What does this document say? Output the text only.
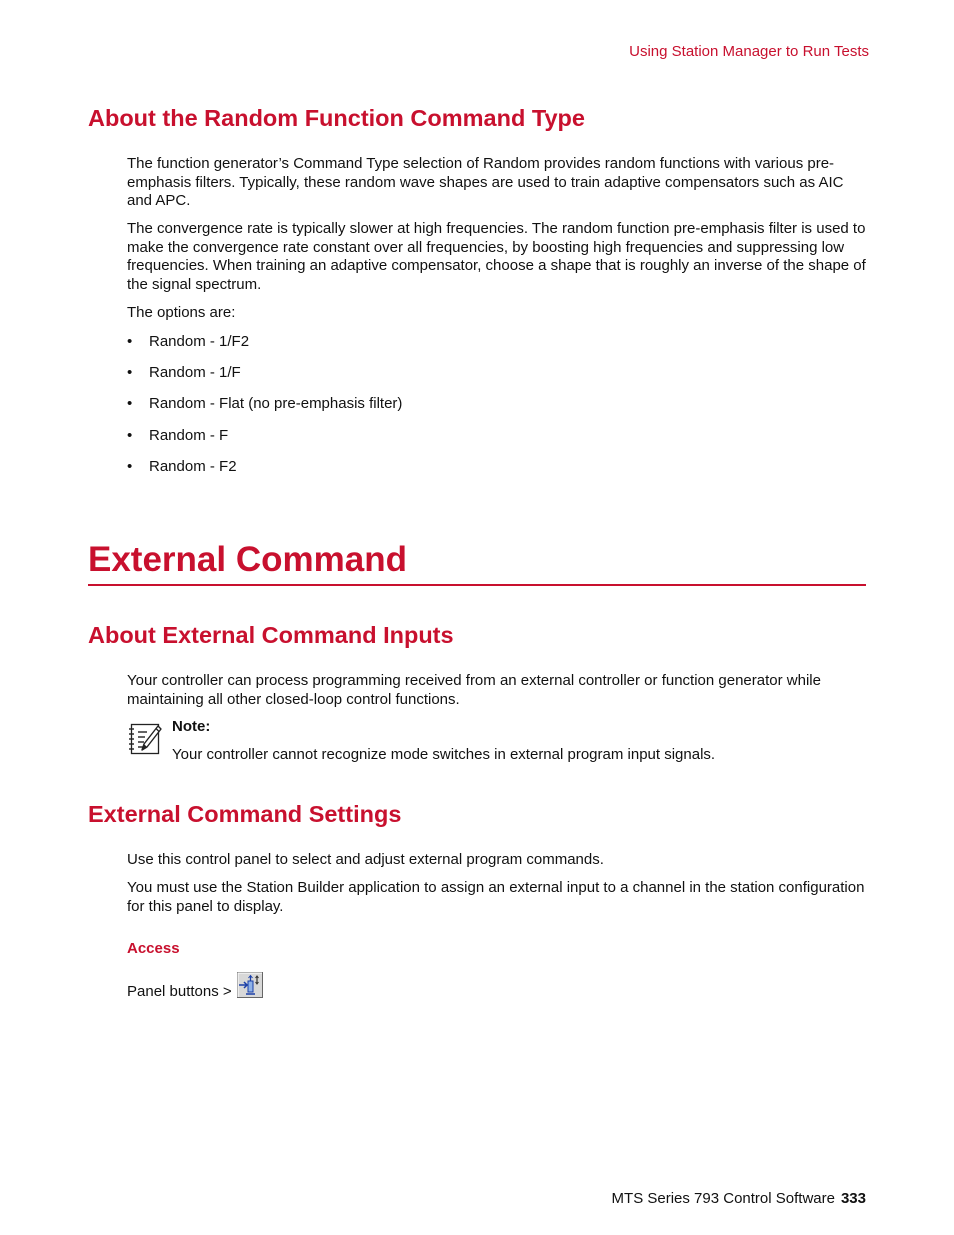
Using Station Manager to Run Tests
About the Random Function Command Type

The function generator’s Command Type selection of Random provides random functions with various pre-emphasis filters. Typically, these random wave shapes are used to train adaptive compensators such as AIC and APC.

The convergence rate is typically slower at high frequencies. The random function pre-emphasis filter is used to make the convergence rate constant over all frequencies, by boosting high frequencies and suppressing low frequencies. When training an adaptive compensator, choose a shape that is roughly an inverse of the shape of the signal spectrum.

The options are:

•	Random - 1/F2
•	Random - 1/F
•	Random - Flat (no pre-emphasis filter)
•	Random - F
•	Random - F2
External Command
About External Command Inputs

Your controller can process programming received from an external controller or function generator while maintaining all other closed-loop control functions.

Note:
Your controller cannot recognize mode switches in external program input signals.
External Command Settings

Use this control panel to select and adjust external program commands.

You must use the Station Builder application to assign an external input to a channel in the station configuration for this panel to display.

Access
Panel buttons >
MTS Series 793 Control Software 333
